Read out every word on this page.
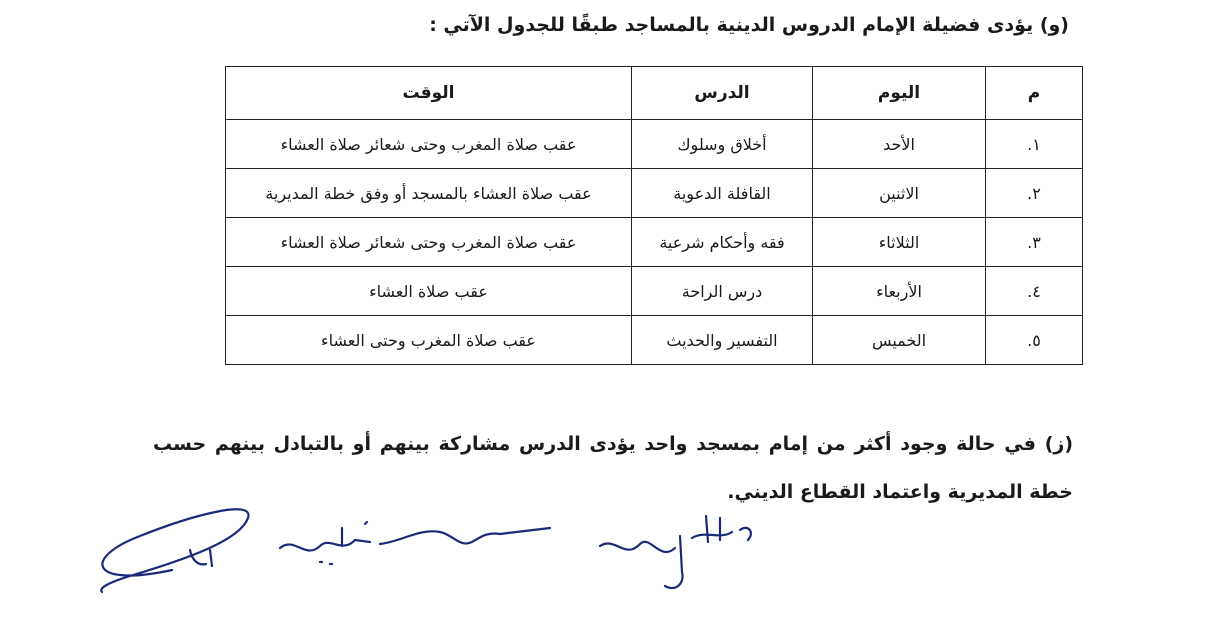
(و) يؤدى فضيلة الإمام الدروس الدينية بالمساجد طبقًا للجدول الآتي :
م	اليوم	الدرس	الوقت
١.	الأحد	أخلاق وسلوك	عقب صلاة المغرب وحتى شعائر صلاة العشاء
٢.	الاثنين	القافلة الدعوية	عقب صلاة العشاء بالمسجد أو وفق خطة المديرية
٣.	الثلاثاء	فقه وأحكام شرعية	عقب صلاة المغرب وحتى شعائر صلاة العشاء
٤.	الأربعاء	درس الراحة	عقب صلاة العشاء
٥.	الخميس	التفسير والحديث	عقب صلاة المغرب وحتى العشاء
(ز) في حالة وجود أكثر من إمام بمسجد واحد يؤدى الدرس مشاركة بينهم أو بالتبادل بينهم حسب خطة المديرية واعتماد القطاع الديني.
